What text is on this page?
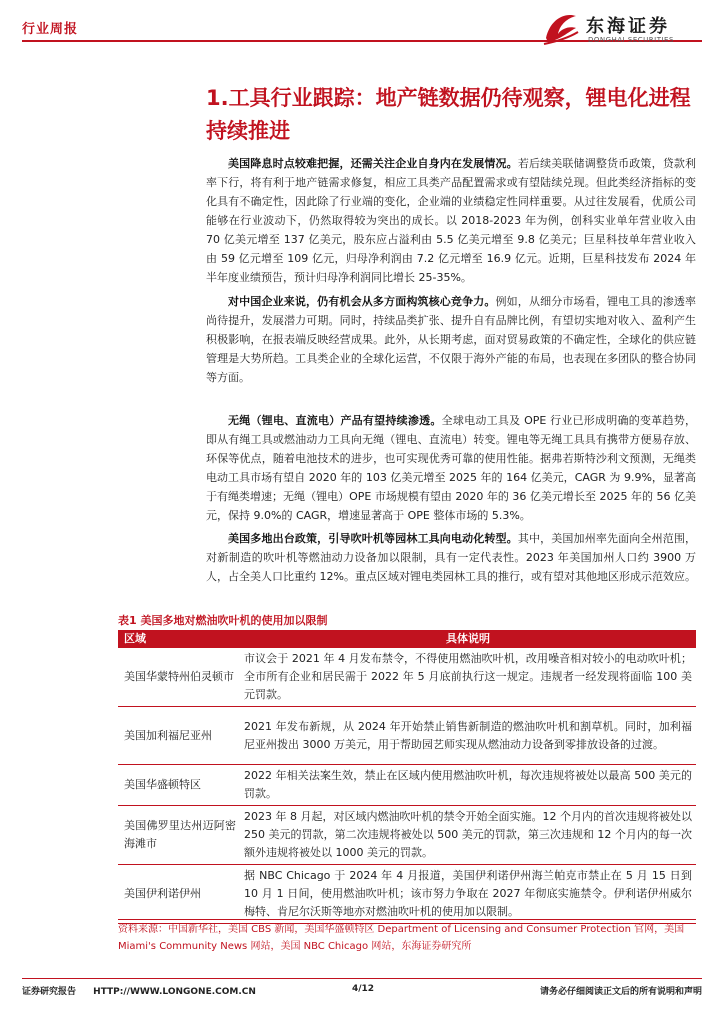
行业周报	东海证券
DONGHAI SECURITIES
1.工具行业跟踪：地产链数据仍待观察，锂电化进程持续推进

美国降息时点较难把握，还需关注企业自身内在发展情况。若后续美联储调整货币政策，贷款利率下行，将有利于地产链需求修复，相应工具类产品配置需求或有望陆续兑现。但此类经济指标的变化具有不确定性，因此除了行业端的变化，企业端的业绩稳定性同样重要。从过往发展看，优质公司能够在行业波动下，仍然取得较为突出的成长。以 2018-2023 年为例，创科实业单年营业收入由 70 亿美元增至 137 亿美元，股东应占溢利由 5.5 亿美元增至 9.8 亿美元；巨星科技单年营业收入由 59 亿元增至 109 亿元，归母净利润由 7.2 亿元增至 16.9 亿元。近期，巨星科技发布 2024 年半年度业绩预告，预计归母净利润同比增长 25-35%。

对中国企业来说，仍有机会从多方面构筑核心竞争力。例如，从细分市场看，锂电工具的渗透率尚待提升，发展潜力可期。同时，持续品类扩张、提升自有品牌比例，有望切实地对收入、盈利产生积极影响，在报表端反映经营成果。此外，从长期考虑，面对贸易政策的不确定性，全球化的供应链管理是大势所趋。工具类企业的全球化运营，不仅限于海外产能的布局，也表现在多团队的整合协同等方面。

无绳（锂电、直流电）产品有望持续渗透。全球电动工具及 OPE 行业已形成明确的变革趋势，即从有绳工具或燃油动力工具向无绳（锂电、直流电）转变。锂电等无绳工具具有携带方便易存放、环保等优点，随着电池技术的进步，也可实现优秀可靠的使用性能。据弗若斯特沙利文预测，无绳类电动工具市场有望自 2020 年的 103 亿美元增至 2025 年的 164 亿美元，CAGR 为 9.9%，显著高于有绳类增速；无绳（锂电）OPE 市场规模有望由 2020 年的 36 亿美元增长至 2025 年的 56 亿美元，保持 9.0%的 CAGR，增速显著高于 OPE 整体市场的 5.3%。

美国多地出台政策，引导吹叶机等园林工具向电动化转型。其中，美国加州率先面向全州范围，对新制造的吹叶机等燃油动力设备加以限制，具有一定代表性。2023 年美国加州人口约 3900 万人，占全美人口比重约 12%。重点区域对锂电类园林工具的推行，或有望对其他地区形成示范效应。

表1 美国多地对燃油吹叶机的使用加以限制
区域	具体说明
美国华蒙特州伯灵顿市	市议会于 2021 年 4 月发布禁令，不得使用燃油吹叶机，改用噪音相对较小的电动吹叶机；全市所有企业和居民需于 2022 年 5 月底前执行这一规定。违规者一经发现将面临 100 美元罚款。
美国加利福尼亚州	2021 年发布新规，从 2024 年开始禁止销售新制造的燃油吹叶机和割草机。同时，加利福尼亚州拨出 3000 万美元，用于帮助园艺师实现从燃油动力设备到零排放设备的过渡。
美国华盛顿特区	2022 年相关法案生效，禁止在区域内使用燃油吹叶机，每次违规将被处以最高 500 美元的罚款。
美国佛罗里达州迈阿密海滩市	2023 年 8 月起，对区域内燃油吹叶机的禁令开始全面实施。12 个月内的首次违规将被处以 250 美元的罚款，第二次违规将被处以 500 美元的罚款，第三次违规和 12 个月内的每一次额外违规将被处以 1000 美元的罚款。
美国伊利诺伊州	据 NBC Chicago 于 2024 年 4 月报道，美国伊利诺伊州海兰帕克市禁止在 5 月 15 日到 10 月 1 日间，使用燃油吹叶机；该市努力争取在 2027 年彻底实施禁令。伊利诺伊州威尔梅特、肯尼尔沃斯等地亦对燃油吹叶机的使用加以限制。
资料来源：中国新华社，美国 CBS 新闻，美国华盛顿特区 Department of Licensing and Consumer Protection 官网，美国 Miami's Community News 网站，美国 NBC Chicago 网站，东海证券研究所
证券研究报告 HTTP://WWW.LONGONE.COM.CN	4/12	请务必仔细阅读正文后的所有说明和声明
